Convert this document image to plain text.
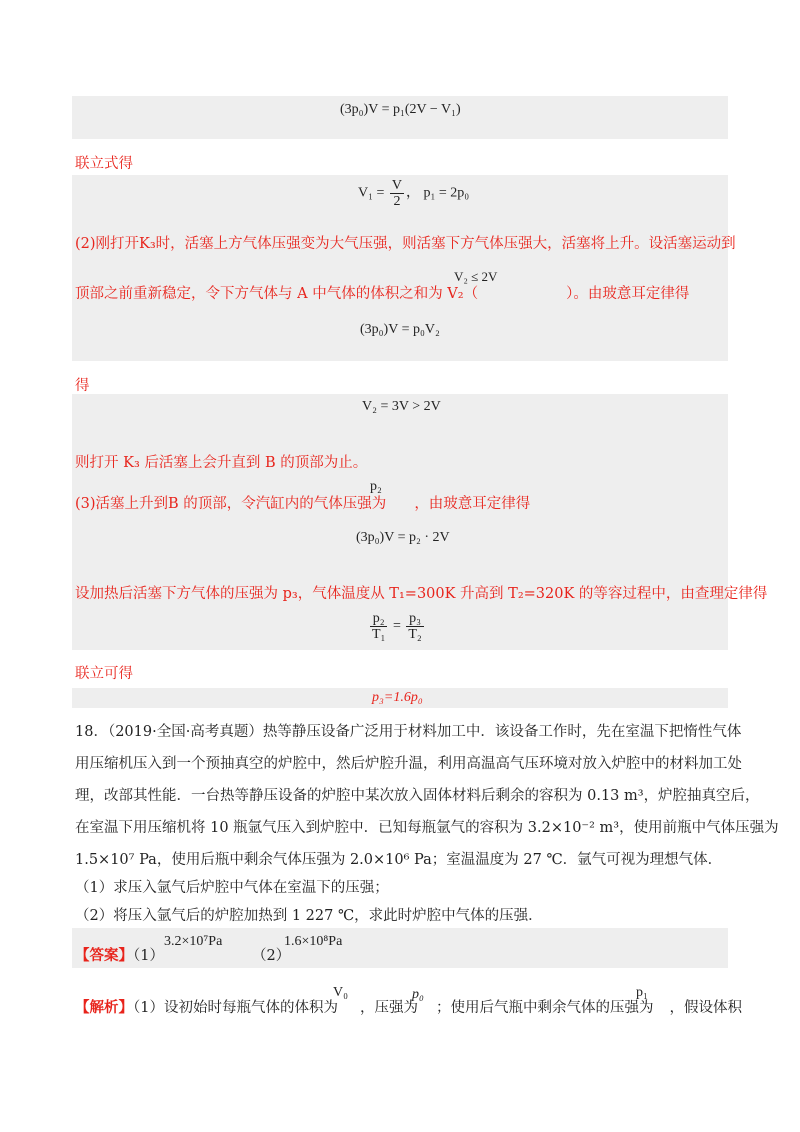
(3p₀)V = p₁(2V − V₁)
联立式得
$V_1 = \frac{V}{2}$ ， p₁ = 2p₀
(2)刚打开K₃时，活塞上方气体压强变为大气压强，则活塞下方气体压强大，活塞将上升。设活塞运动到
顶部之前重新稳定，令下方气体与 A 中气体的体积之和为 V₂（	）。由玻意耳定律得
V₂ ≤ 2V
(3p₀)V = p₀V₂
得
V₂ = 3V > 2V
则打开 K₃ 后活塞上会升直到 B 的顶部为止。
(3)活塞上升到B 的顶部，令汽缸内的气体压强为 ，由玻意耳定律得
p₂
(3p₀)V = p₂ · 2V
设加热后活塞下方气体的压强为 p₃，气体温度从 T₁=300K 升高到 T₂=320K 的等容过程中，由查理定律得
$\frac{\text{p₂}}{\text{T₁}} = \frac{\text{p₃}}{\text{T₂}}$
联立可得
p₃=1.6p₀
18．（2019·全国·高考真题）热等静压设备广泛用于材料加工中．该设备工作时，先在室温下把惰性气体
用压缩机压入到一个预抽真空的炉腔中，然后炉腔升温，利用高温高气压环境对放入炉腔中的材料加工处
理，改部其性能．一台热等静压设备的炉腔中某次放入固体材料后剩余的容积为 0.13 m³，炉腔抽真空后，
在室温下用压缩机将 10 瓶氩气压入到炉腔中．已知每瓶氩气的容积为 3.2×10⁻² m³，使用前瓶中气体压强为
1.5×10⁷ Pa，使用后瓶中剩余气体压强为 2.0×10⁶ Pa；室温温度为 27 ℃．氩气可视为理想气体．
（1）求压入氩气后炉腔中气体在室温下的压强；
（2）将压入氩气后的炉腔加热到 1 227 ℃，求此时炉腔中气体的压强．
【答案】（1）
3.2×10⁷Pa
（2）
1.6×10⁸Pa
【解析】（1）设初始时每瓶气体的体积为 ，压强为 ；使用后气瓶中剩余气体的压强为 ，假设体积
V₀	p₀	p₁
